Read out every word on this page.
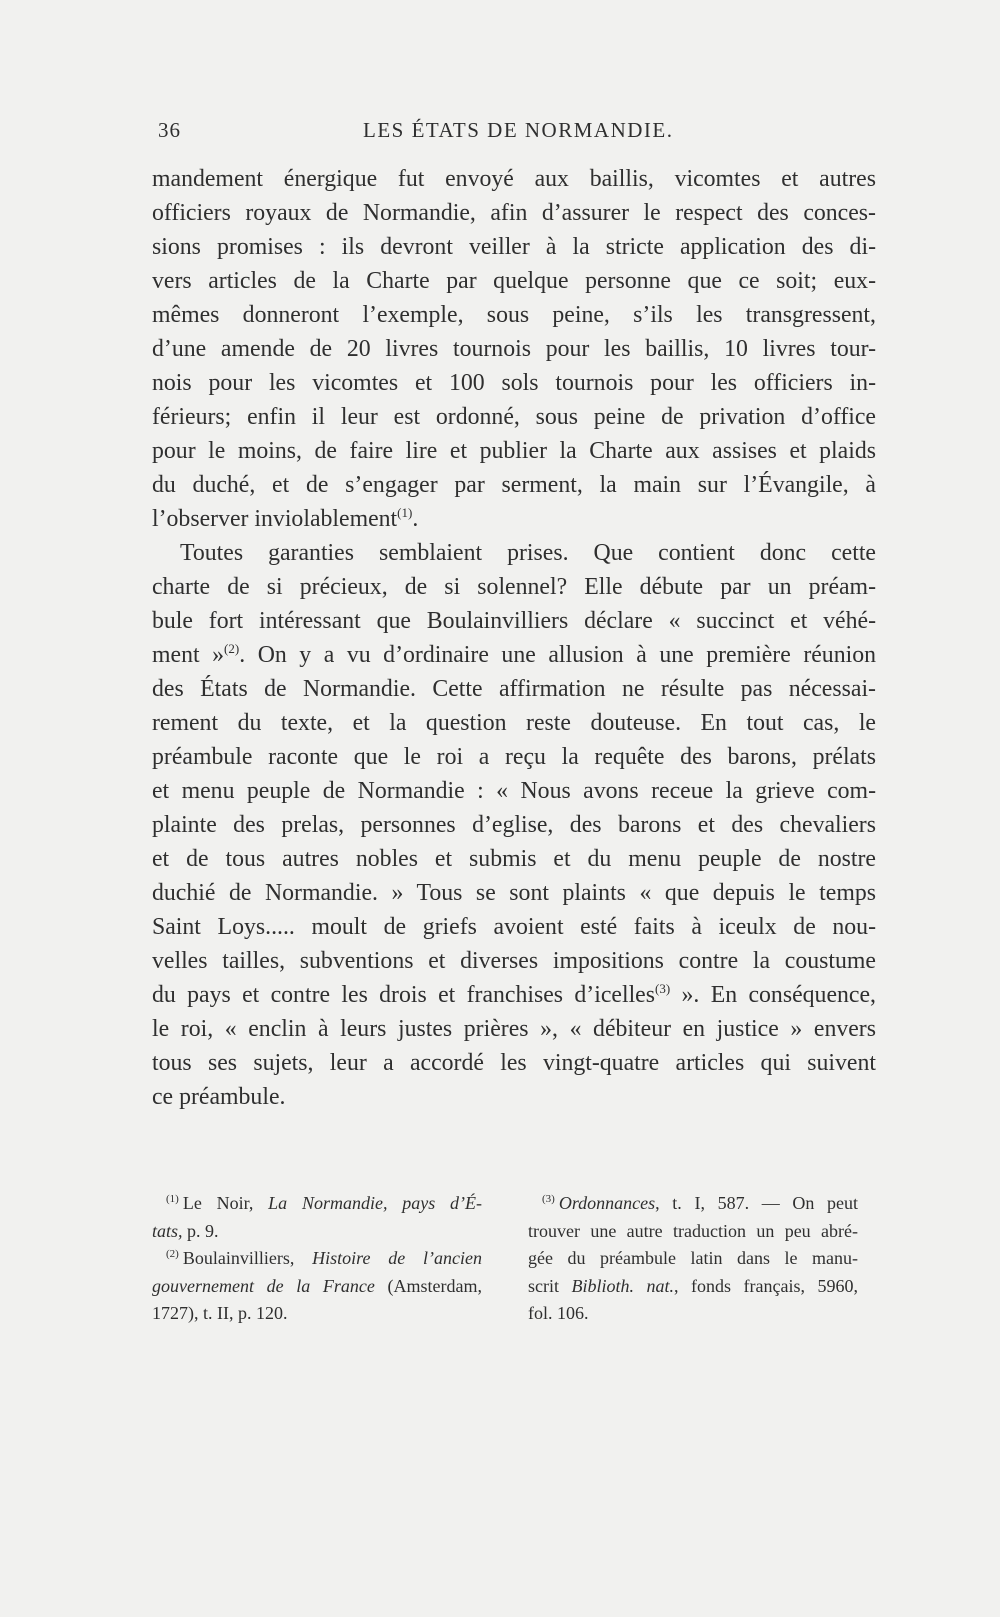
36	LES ÉTATS DE NORMANDIE.
mandement énergique fut envoyé aux baillis, vicomtes et autres
officiers royaux de Normandie, afin d’assurer le respect des conces-
sions promises : ils devront veiller à la stricte application des di-
vers articles de la Charte par quelque personne que ce soit; eux-
mêmes donneront l’exemple, sous peine, s’ils les transgressent,
d’une amende de 20 livres tournois pour les baillis, 10 livres tour-
nois pour les vicomtes et 100 sols tournois pour les officiers in-
férieurs; enfin il leur est ordonné, sous peine de privation d’office
pour le moins, de faire lire et publier la Charte aux assises et plaids
du duché, et de s’engager par serment, la main sur l’Évangile, à
l’observer inviolablement$^{(1)}$.
Toutes garanties semblaient prises. Que contient donc cette
charte de si précieux, de si solennel? Elle débute par un préam-
bule fort intéressant que Boulainvilliers déclare « succinct et véhé-
ment »$^{(2)}$. On y a vu d’ordinaire une allusion à une première réunion
des États de Normandie. Cette affirmation ne résulte pas nécessai-
rement du texte, et la question reste douteuse. En tout cas, le
préambule raconte que le roi a reçu la requête des barons, prélats
et menu peuple de Normandie : « Nous avons receue la grieve com-
plainte des prelas, personnes d’eglise, des barons et des chevaliers
et de tous autres nobles et submis et du menu peuple de nostre
duchié de Normandie. » Tous se sont plaints « que depuis le temps
Saint Loys..... moult de griefs avoient esté faits à iceulx de nou-
velles tailles, subventions et diverses impositions contre la coustume
du pays et contre les drois et franchises d’icelles$^{(3)}$ ». En conséquence,
le roi, « enclin à leurs justes prières », « débiteur en justice » envers
tous ses sujets, leur a accordé les vingt-quatre articles qui suivent
ce préambule.
$^{(1)}$ Le Noir, La Normandie, pays d’É-
tats, p. 9.
$^{(2)}$ Boulainvilliers, Histoire de l’ancien
gouvernement de la France (Amsterdam,
1727), t. II, p. 120.
$^{(3)}$ Ordonnances, t. I, 587. — On peut
trouver une autre traduction un peu abré-
gée du préambule latin dans le manu-
scrit Biblioth. nat., fonds français, 5960,
fol. 106.
